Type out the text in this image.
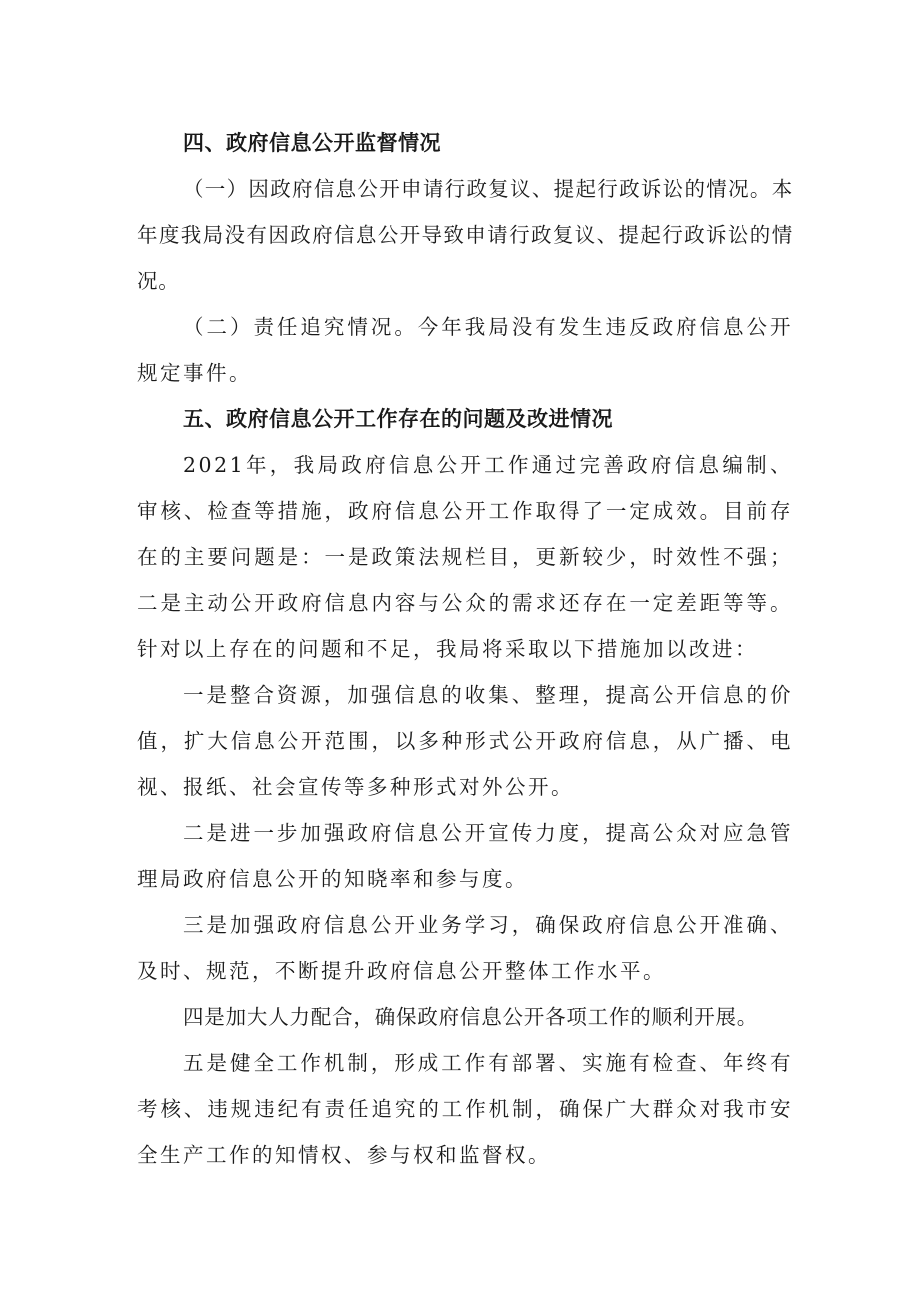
四、政府信息公开监督情况

（一）因政府信息公开申请行政复议、提起行政诉讼的情况。本年度我局没有因政府信息公开导致申请行政复议、提起行政诉讼的情况。

（二）责任追究情况。今年我局没有发生违反政府信息公开规定事件。

五、政府信息公开工作存在的问题及改进情况

2021年，我局政府信息公开工作通过完善政府信息编制、审核、检查等措施，政府信息公开工作取得了一定成效。目前存在的主要问题是：一是政策法规栏目，更新较少，时效性不强；二是主动公开政府信息内容与公众的需求还存在一定差距等等。针对以上存在的问题和不足，我局将采取以下措施加以改进：

一是整合资源，加强信息的收集、整理，提高公开信息的价值，扩大信息公开范围，以多种形式公开政府信息，从广播、电视、报纸、社会宣传等多种形式对外公开。

二是进一步加强政府信息公开宣传力度，提高公众对应急管理局政府信息公开的知晓率和参与度。

三是加强政府信息公开业务学习，确保政府信息公开准确、及时、规范，不断提升政府信息公开整体工作水平。

四是加大人力配合，确保政府信息公开各项工作的顺利开展。

五是健全工作机制，形成工作有部署、实施有检查、年终有考核、违规违纪有责任追究的工作机制，确保广大群众对我市安全生产工作的知情权、参与权和监督权。
